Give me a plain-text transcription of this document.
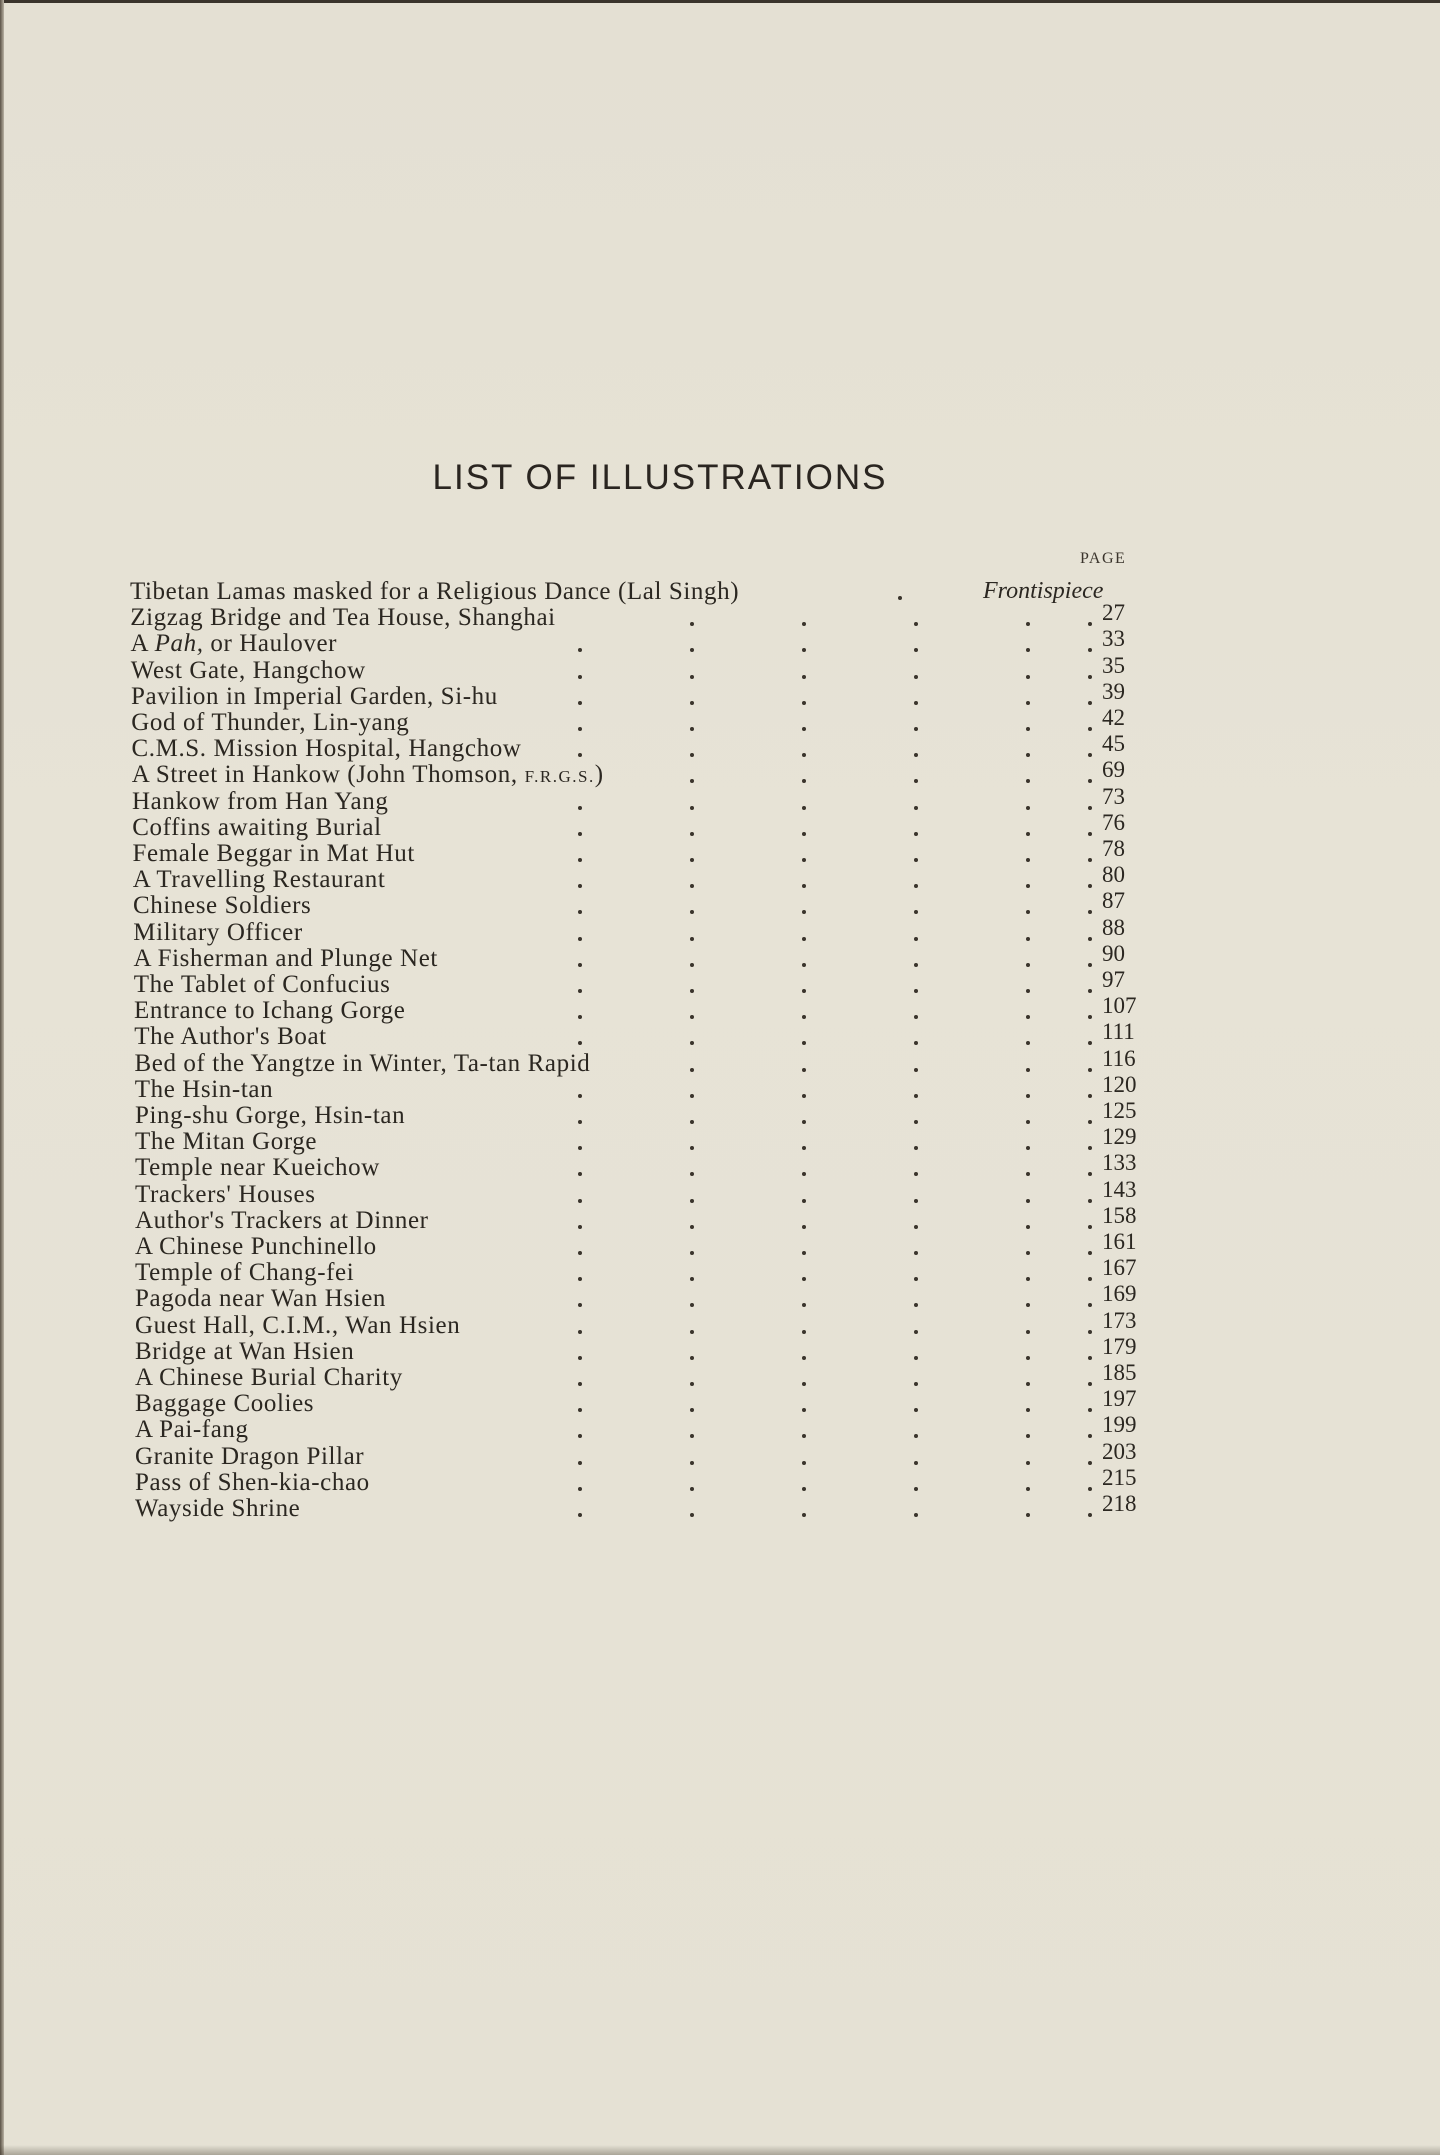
LIST OF ILLUSTRATIONS
PAGE
Tibetan Lamas masked for a Religious Dance (Lal Singh)	Frontispiece
Zigzag Bridge and Tea House, Shanghai	27
A Pah, or Haulover	33
West Gate, Hangchow	35
Pavilion in Imperial Garden, Si-hu	39
God of Thunder, Lin-yang	42
C.M.S. Mission Hospital, Hangchow	45
A Street in Hankow (John Thomson, F.R.G.S.)	69
Hankow from Han Yang	73
Coffins awaiting Burial	76
Female Beggar in Mat Hut	78
A Travelling Restaurant	80
Chinese Soldiers	87
Military Officer	88
A Fisherman and Plunge Net	90
The Tablet of Confucius	97
Entrance to Ichang Gorge	107
The Author's Boat	111
Bed of the Yangtze in Winter, Ta-tan Rapid	116
The Hsin-tan	120
Ping-shu Gorge, Hsin-tan	125
The Mitan Gorge	129
Temple near Kueichow	133
Trackers' Houses	143
Author's Trackers at Dinner	158
A Chinese Punchinello	161
Temple of Chang-fei	167
Pagoda near Wan Hsien	169
Guest Hall, C.I.M., Wan Hsien	173
Bridge at Wan Hsien	179
A Chinese Burial Charity	185
Baggage Coolies	197
A Pai-fang	199
Granite Dragon Pillar	203
Pass of Shen-kia-chao	215
Wayside Shrine	218
